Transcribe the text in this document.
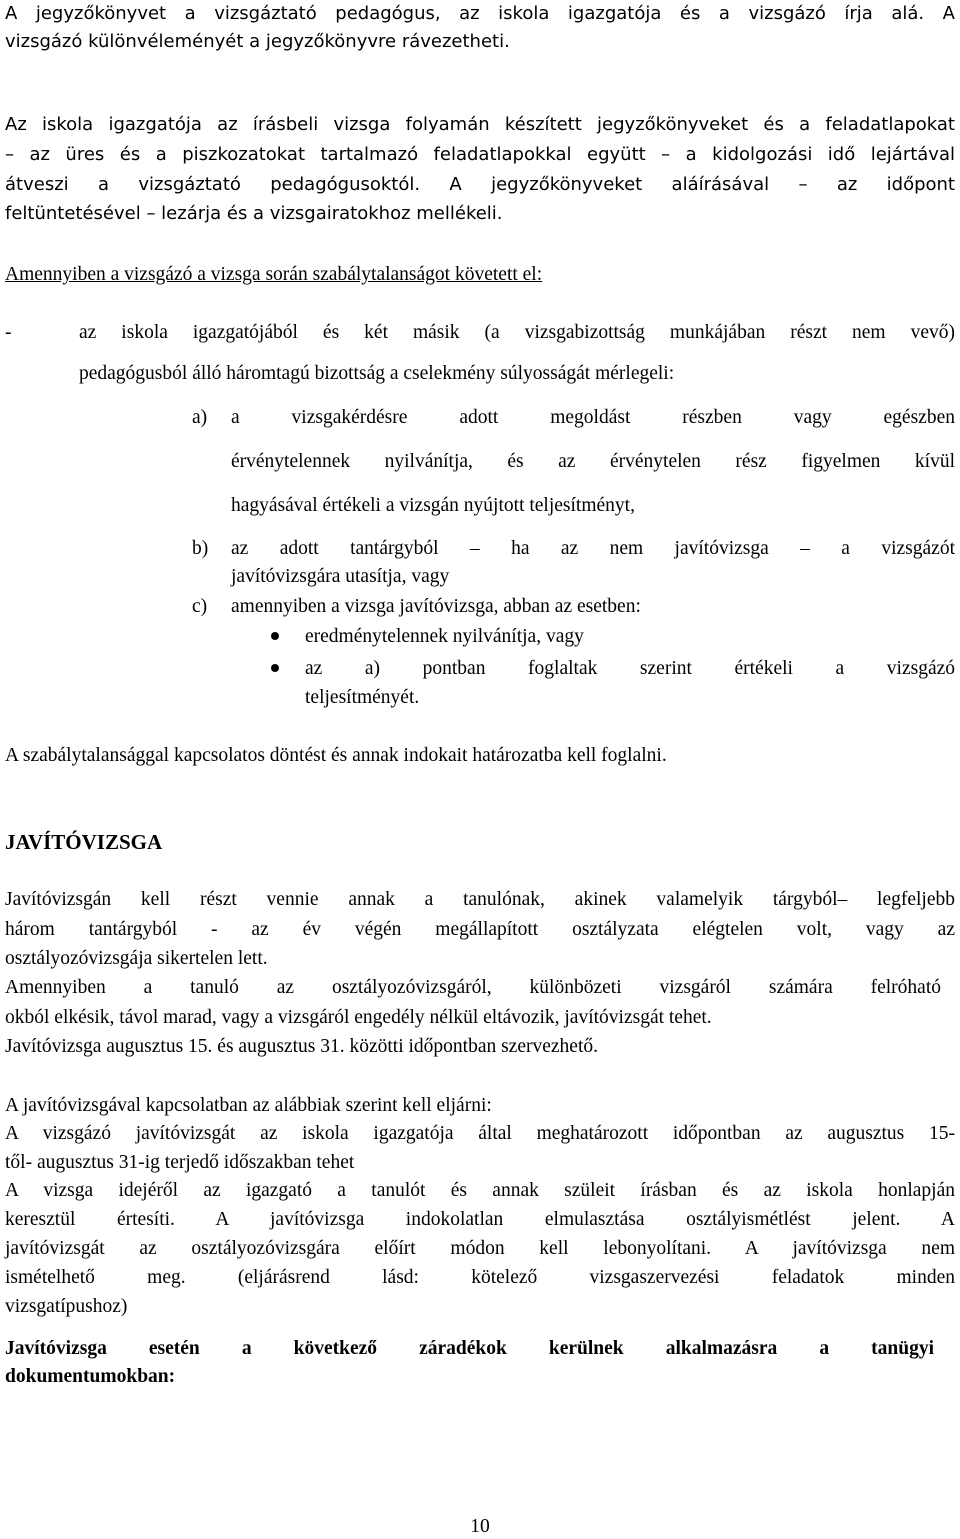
A jegyzőkönyvet a vizsgáztató pedagógus, az iskola igazgatója és a vizsgázó írja alá. A
vizsgázó különvéleményét a jegyzőkönyvre rávezetheti.
Az iskola igazgatója az írásbeli vizsga folyamán készített jegyzőkönyveket és a feladatlapokat
– az üres és a piszkozatokat tartalmazó feladatlapokkal együtt – a kidolgozási idő lejártával
átveszi a vizsgáztató pedagógusoktól. A jegyzőkönyveket aláírásával – az időpont
feltüntetésével – lezárja és a vizsgairatokhoz mellékeli.
Amennyiben a vizsgázó a vizsga során szabálytalanságot követett el:
-	az iskola igazgatójából és két másik (a vizsgabizottság munkájában részt nem vevő)
pedagógusból álló háromtagú bizottság a cselekmény súlyosságát mérlegeli:
a) a vizsgakérdésre adott megoldást részben vagy egészben
érvénytelennek nyilvánítja, és az érvénytelen rész figyelmen kívül
hagyásával értékeli a vizsgán nyújtott teljesítményt,
b) az adott tantárgyból – ha az nem javítóvizsga – a vizsgázót
javítóvizsgára utasítja, vagy
c) amennyiben a vizsga javítóvizsga, abban az esetben:
eredménytelennek nyilvánítja, vagy
az a) pontban foglaltak szerint értékeli a vizsgázó
teljesítményét.
A szabálytalansággal kapcsolatos döntést és annak indokait határozatba kell foglalni.
JAVÍTÓVIZSGA
Javítóvizsgán kell részt vennie annak a tanulónak, akinek valamelyik tárgyból– legfeljebb
három tantárgyból - az év végén megállapított osztályzata elégtelen volt, vagy az
osztályozóvizsgája sikertelen lett.
Amennyiben a tanuló az osztályozóvizsgáról, különbözeti vizsgáról számára felróható
okból elkésik, távol marad, vagy a vizsgáról engedély nélkül eltávozik, javítóvizsgát tehet.
Javítóvizsga augusztus 15. és augusztus 31. közötti időpontban szervezhető.
A javítóvizsgával kapcsolatban az alábbiak szerint kell eljárni:
A vizsgázó javítóvizsgát az iskola igazgatója által meghatározott időpontban az augusztus 15-
től- augusztus 31-ig terjedő időszakban tehet
A vizsga idejéről az igazgató a tanulót és annak szüleit írásban és az iskola honlapján
keresztül értesíti. A javítóvizsga indokolatlan elmulasztása osztályismétlést jelent. A
javítóvizsgát az osztályozóvizsgára előírt módon kell lebonyolítani. A javítóvizsga nem
ismételhető meg. (eljárásrend lásd: kötelező vizsgaszervezési feladatok minden
vizsgatípushoz)
Javítóvizsga esetén a következő záradékok kerülnek alkalmazásra a tanügyi
dokumentumokban:
10
